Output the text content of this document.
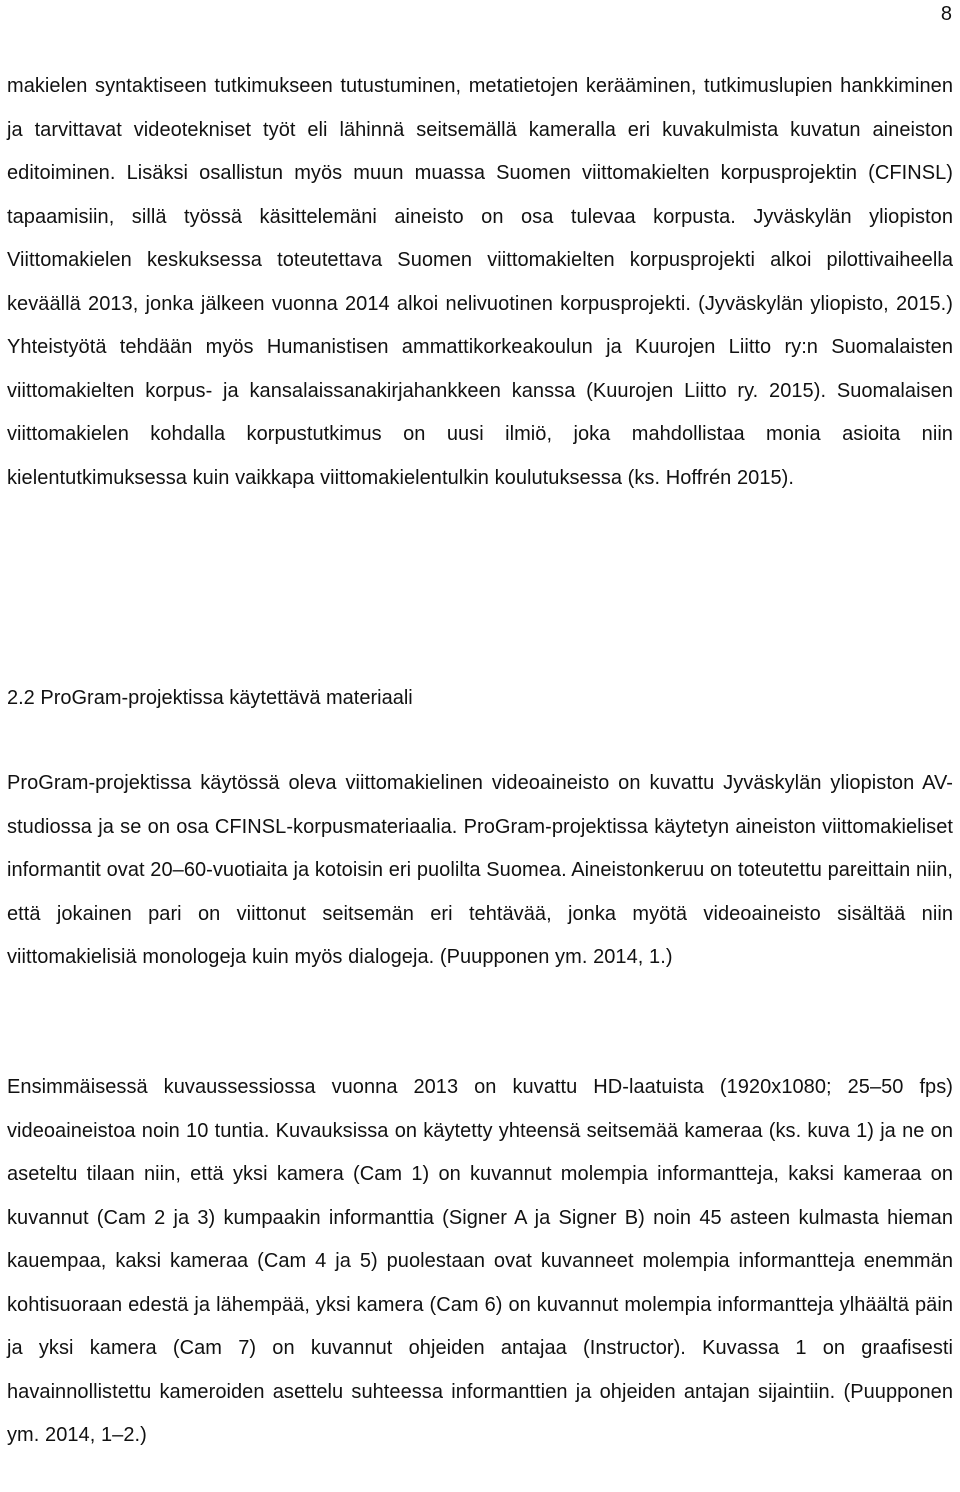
8

makielen syntaktiseen tutkimukseen tutustuminen, metatietojen kerääminen, tutkimuslupien hankkiminen ja tarvittavat videotekniset työt eli lähinnä seitsemällä kameralla eri kuvakulmista kuvatun aineiston editoiminen. Lisäksi osallistun myös muun muassa Suomen viittomakielten korpusprojektin (CFINSL) tapaamisiin, sillä työssä käsittelemäni aineisto on osa tulevaa korpusta. Jyväskylän yliopiston Viittomakielen keskuksessa toteutettava Suomen viittomakielten korpusprojekti alkoi pilottivaiheella keväällä 2013, jonka jälkeen vuonna 2014 alkoi nelivuotinen korpusprojekti. (Jyväskylän yliopisto, 2015.) Yhteistyötä tehdään myös Humanistisen ammattikorkeakoulun ja Kuurojen Liitto ry:n Suomalaisten viittomakielten korpus- ja kansalaissanakirjahankkeen kanssa (Kuurojen Liitto ry. 2015). Suomalaisen viittomakielen kohdalla korpustutkimus on uusi ilmiö, joka mahdollistaa monia asioita niin kielentutkimuksessa kuin vaikkapa viittomakielentulkin koulutuksessa (ks. Hoffrén 2015).

2.2 ProGram-projektissa käytettävä materiaali

ProGram-projektissa käytössä oleva viittomakielinen videoaineisto on kuvattu Jyväskylän yliopiston AV-studiossa ja se on osa CFINSL-korpusmateriaalia. ProGram-projektissa käytetyn aineiston viittomakieliset informantit ovat 20–60-vuotiaita ja kotoisin eri puolilta Suomea. Aineistonkeruu on toteutettu pareittain niin, että jokainen pari on viittonut seitsemän eri tehtävää, jonka myötä videoaineisto sisältää niin viittomakielisiä monologeja kuin myös dialogeja. (Puupponen ym. 2014, 1.)

Ensimmäisessä kuvaussessiossa vuonna 2013 on kuvattu HD-laatuista (1920x1080; 25–50 fps) videoaineistoa noin 10 tuntia. Kuvauksissa on käytetty yhteensä seitsemää kameraa (ks. kuva 1) ja ne on aseteltu tilaan niin, että yksi kamera (Cam 1) on kuvannut molempia informantteja, kaksi kameraa on kuvannut (Cam 2 ja 3) kumpaakin informanttia (Signer A ja Signer B) noin 45 asteen kulmasta hieman kauempaa, kaksi kameraa (Cam 4 ja 5) puolestaan ovat kuvanneet molempia informantteja enemmän kohtisuoraan edestä ja lähempää, yksi kamera (Cam 6) on kuvannut molempia informantteja ylhäältä päin ja yksi kamera (Cam 7) on kuvannut ohjeiden antajaa (Instructor). Kuvassa 1 on graafisesti havainnollistettu kameroiden asettelu suhteessa informanttien ja ohjeiden antajan sijaintiin. (Puupponen ym. 2014, 1–2.)
